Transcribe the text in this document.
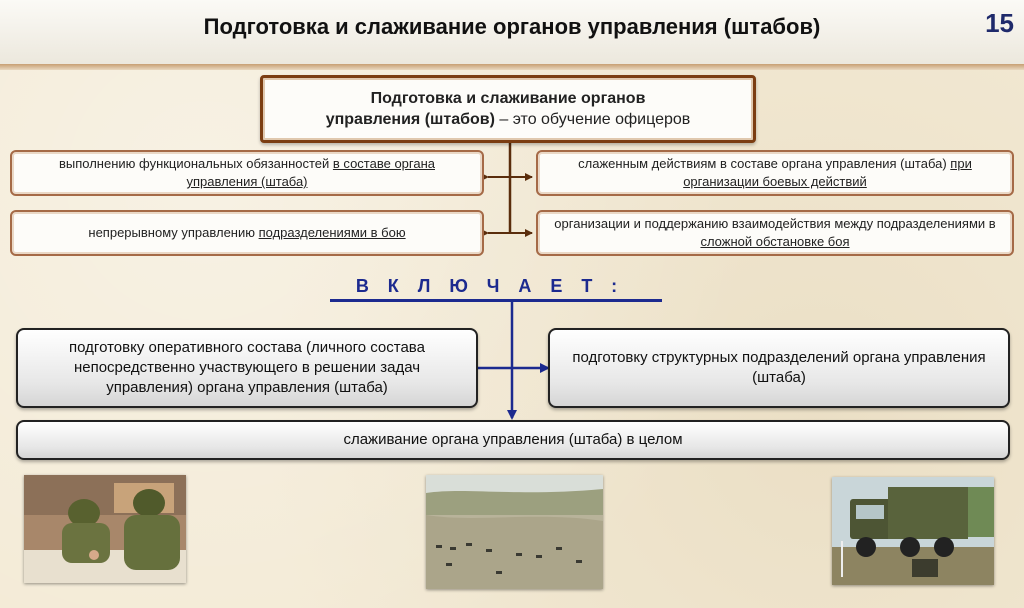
Подготовка и слаживание органов управления (штабов)	15
Подготовка и слаживание органов
управления (штабов) – это обучение офицеров
выполнению функциональных обязанностей в составе органа управления (штаба)
непрерывному управлению подразделениями в бою
слаженным действиям в составе органа управления (штаба) при организации боевых действий
организации и поддержанию взаимодействия между подразделениями в сложной обстановке боя
ВКЛЮЧАЕТ:
подготовку оперативного состава (личного состава непосредственно участвующего в решении задач управления) органа управления (штаба)
подготовку структурных подразделений органа управления (штаба)
слаживание органа управления (штаба) в целом
